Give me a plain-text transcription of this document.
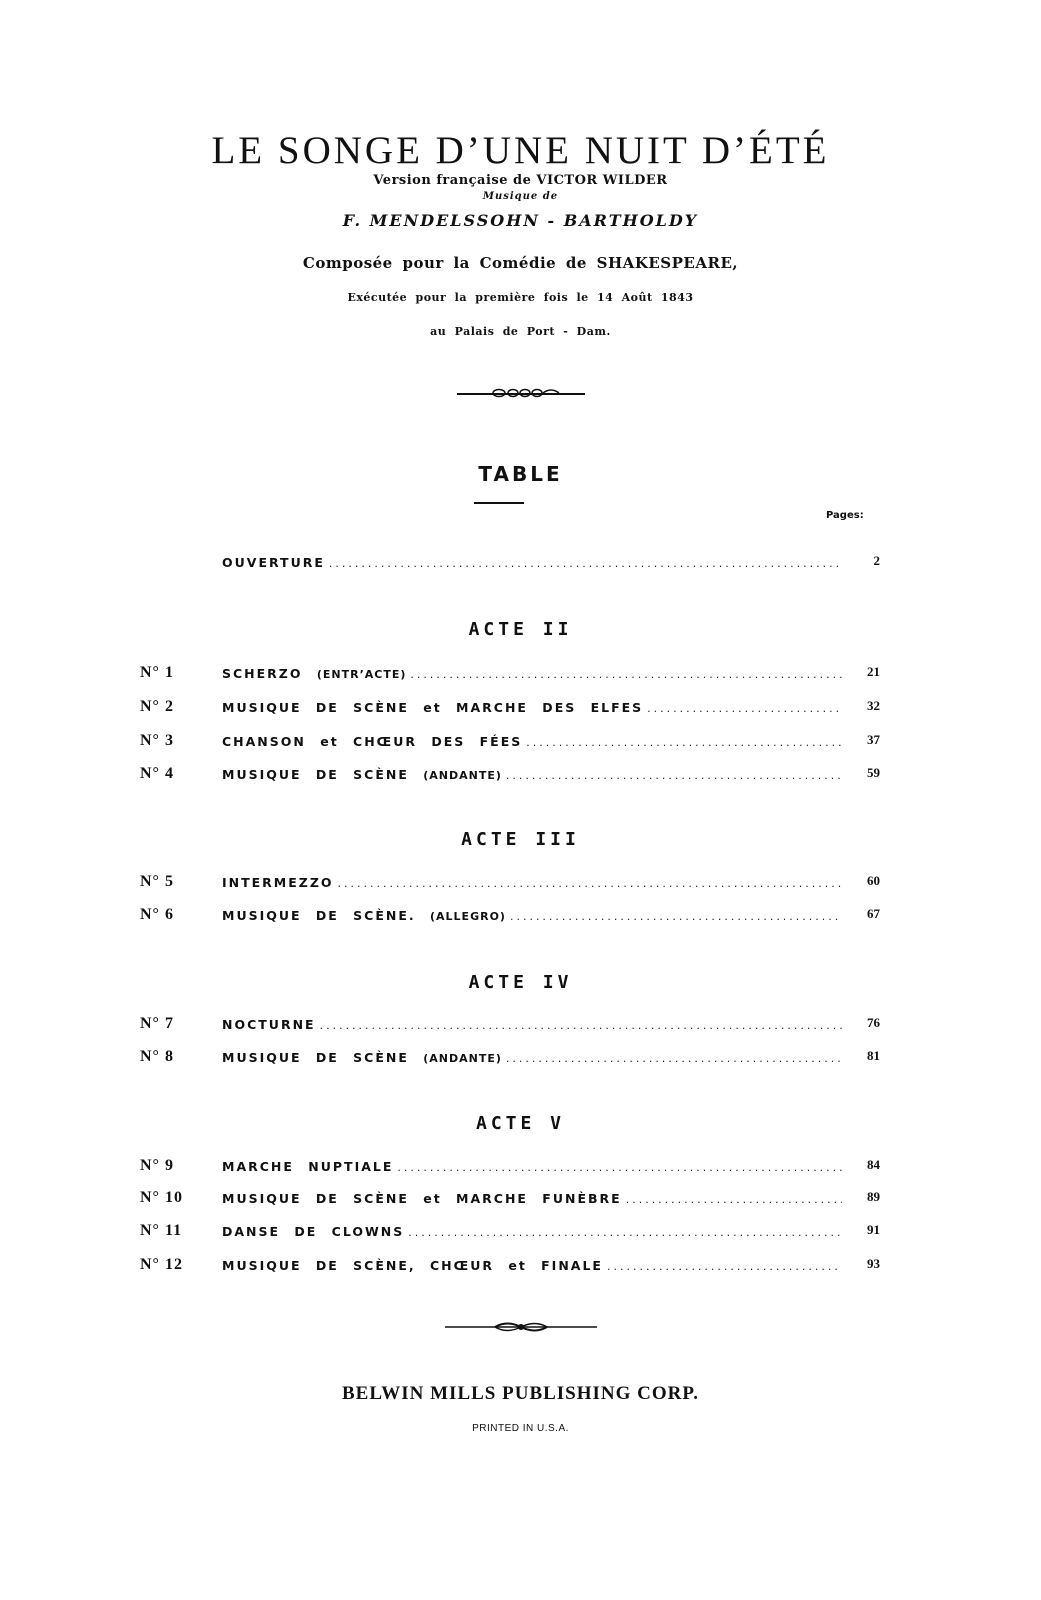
LE SONGE D’UNE NUIT D’ÉTÉ
Version française de VICTOR WILDER
Musique de
F. MENDELSSOHN - BARTHOLDY
Composée pour la Comédie de SHAKESPEARE,
Exécutée pour la première fois le 14 Août 1843
au Palais de Port - Dam.
TABLE
Pages:
OUVERTURE .....	2
ACTE II
N° 1	SCHERZO (ENTR’ACTE) .....	21
N° 2	MUSIQUE DE SCÈNE et MARCHE DES ELFES .....	32
N° 3	CHANSON et CHŒUR DES FÉES .....	37
N° 4	MUSIQUE DE SCÈNE (ANDANTE) .....	59
ACTE III
N° 5	INTERMEZZO .....	60
N° 6	MUSIQUE DE SCÈNE. (ALLEGRO) .....	67
ACTE IV
N° 7	NOCTURNE .....	76
N° 8	MUSIQUE DE SCÈNE (ANDANTE) .....	81
ACTE V
N° 9	MARCHE NUPTIALE .....	84
N° 10	MUSIQUE DE SCÈNE et MARCHE FUNÈBRE .....	89
N° 11	DANSE DE CLOWNS .....	91
N° 12	MUSIQUE DE SCÈNE, CHŒUR et FINALE .....	93
BELWIN MILLS PUBLISHING CORP.
PRINTED IN U.S.A.
